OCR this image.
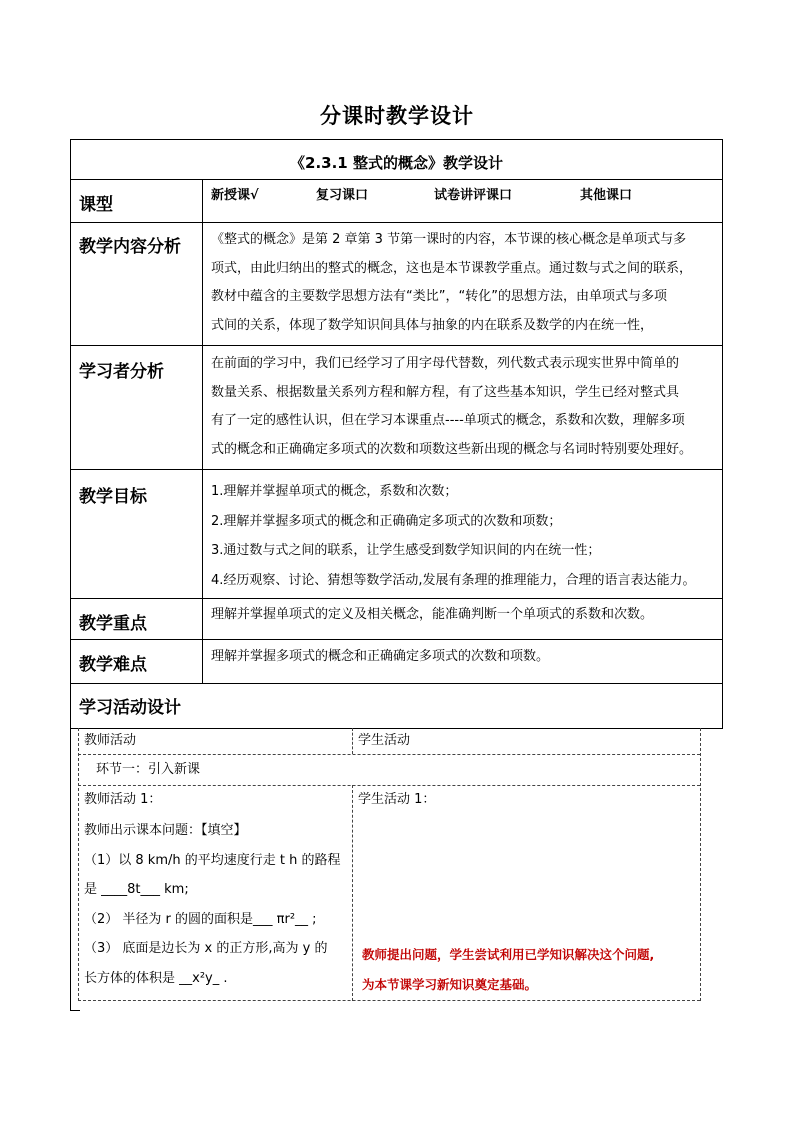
分课时教学设计
《2.3.1 整式的概念》教学设计
课型	新授课√	复习课口	试卷讲评课口	其他课口
教学内容分析 《整式的概念》是第 2 章第 3 节第一课时的内容，本节课的核心概念是单项式与多
项式，由此归纳出的整式的概念，这也是本节课教学重点。通过数与式之间的联系，
教材中蕴含的主要数学思想方法有“类比”，“转化”的思想方法，由单项式与多项
式间的关系，体现了数学知识间具体与抽象的内在联系及数学的内在统一性，
学习者分析	在前面的学习中，我们已经学习了用字母代替数，列代数式表示现实世界中简单的
数量关系、根据数量关系列方程和解方程，有了这些基本知识，学生已经对整式具
有了一定的感性认识，但在学习本课重点----单项式的概念，系数和次数，理解多项
式的概念和正确确定多项式的次数和项数这些新出现的概念与名词时特别要处理好。
教学目标	1.理解并掌握单项式的概念，系数和次数；
2.理解并掌握多项式的概念和正确确定多项式的次数和项数；
3.通过数与式之间的联系，让学生感受到数学知识间的内在统一性；
4.经历观察、讨论、猜想等数学活动,发展有条理的推理能力，合理的语言表达能力。
教学重点	理解并掌握单项式的定义及相关概念，能准确判断一个单项式的系数和次数。
教学难点	理解并掌握多项式的概念和正确确定多项式的次数和项数。
学习活动设计
教师活动	学生活动
环节一：引入新课
教师活动 1：	学生活动 1：
教师出示课本问题：【填空】
（1）以 8 km/h 的平均速度行走 t h 的路程
是 ____8t___ km;
（2） 半径为 r 的圆的面积是___ πr²__ ;
（3） 底面是边长为 x 的正方形,高为 y 的
长方体的体积是 __x²y_ .
教师提出问题，学生尝试利用已学知识解决这个问题,
为本节课学习新知识奠定基础。
